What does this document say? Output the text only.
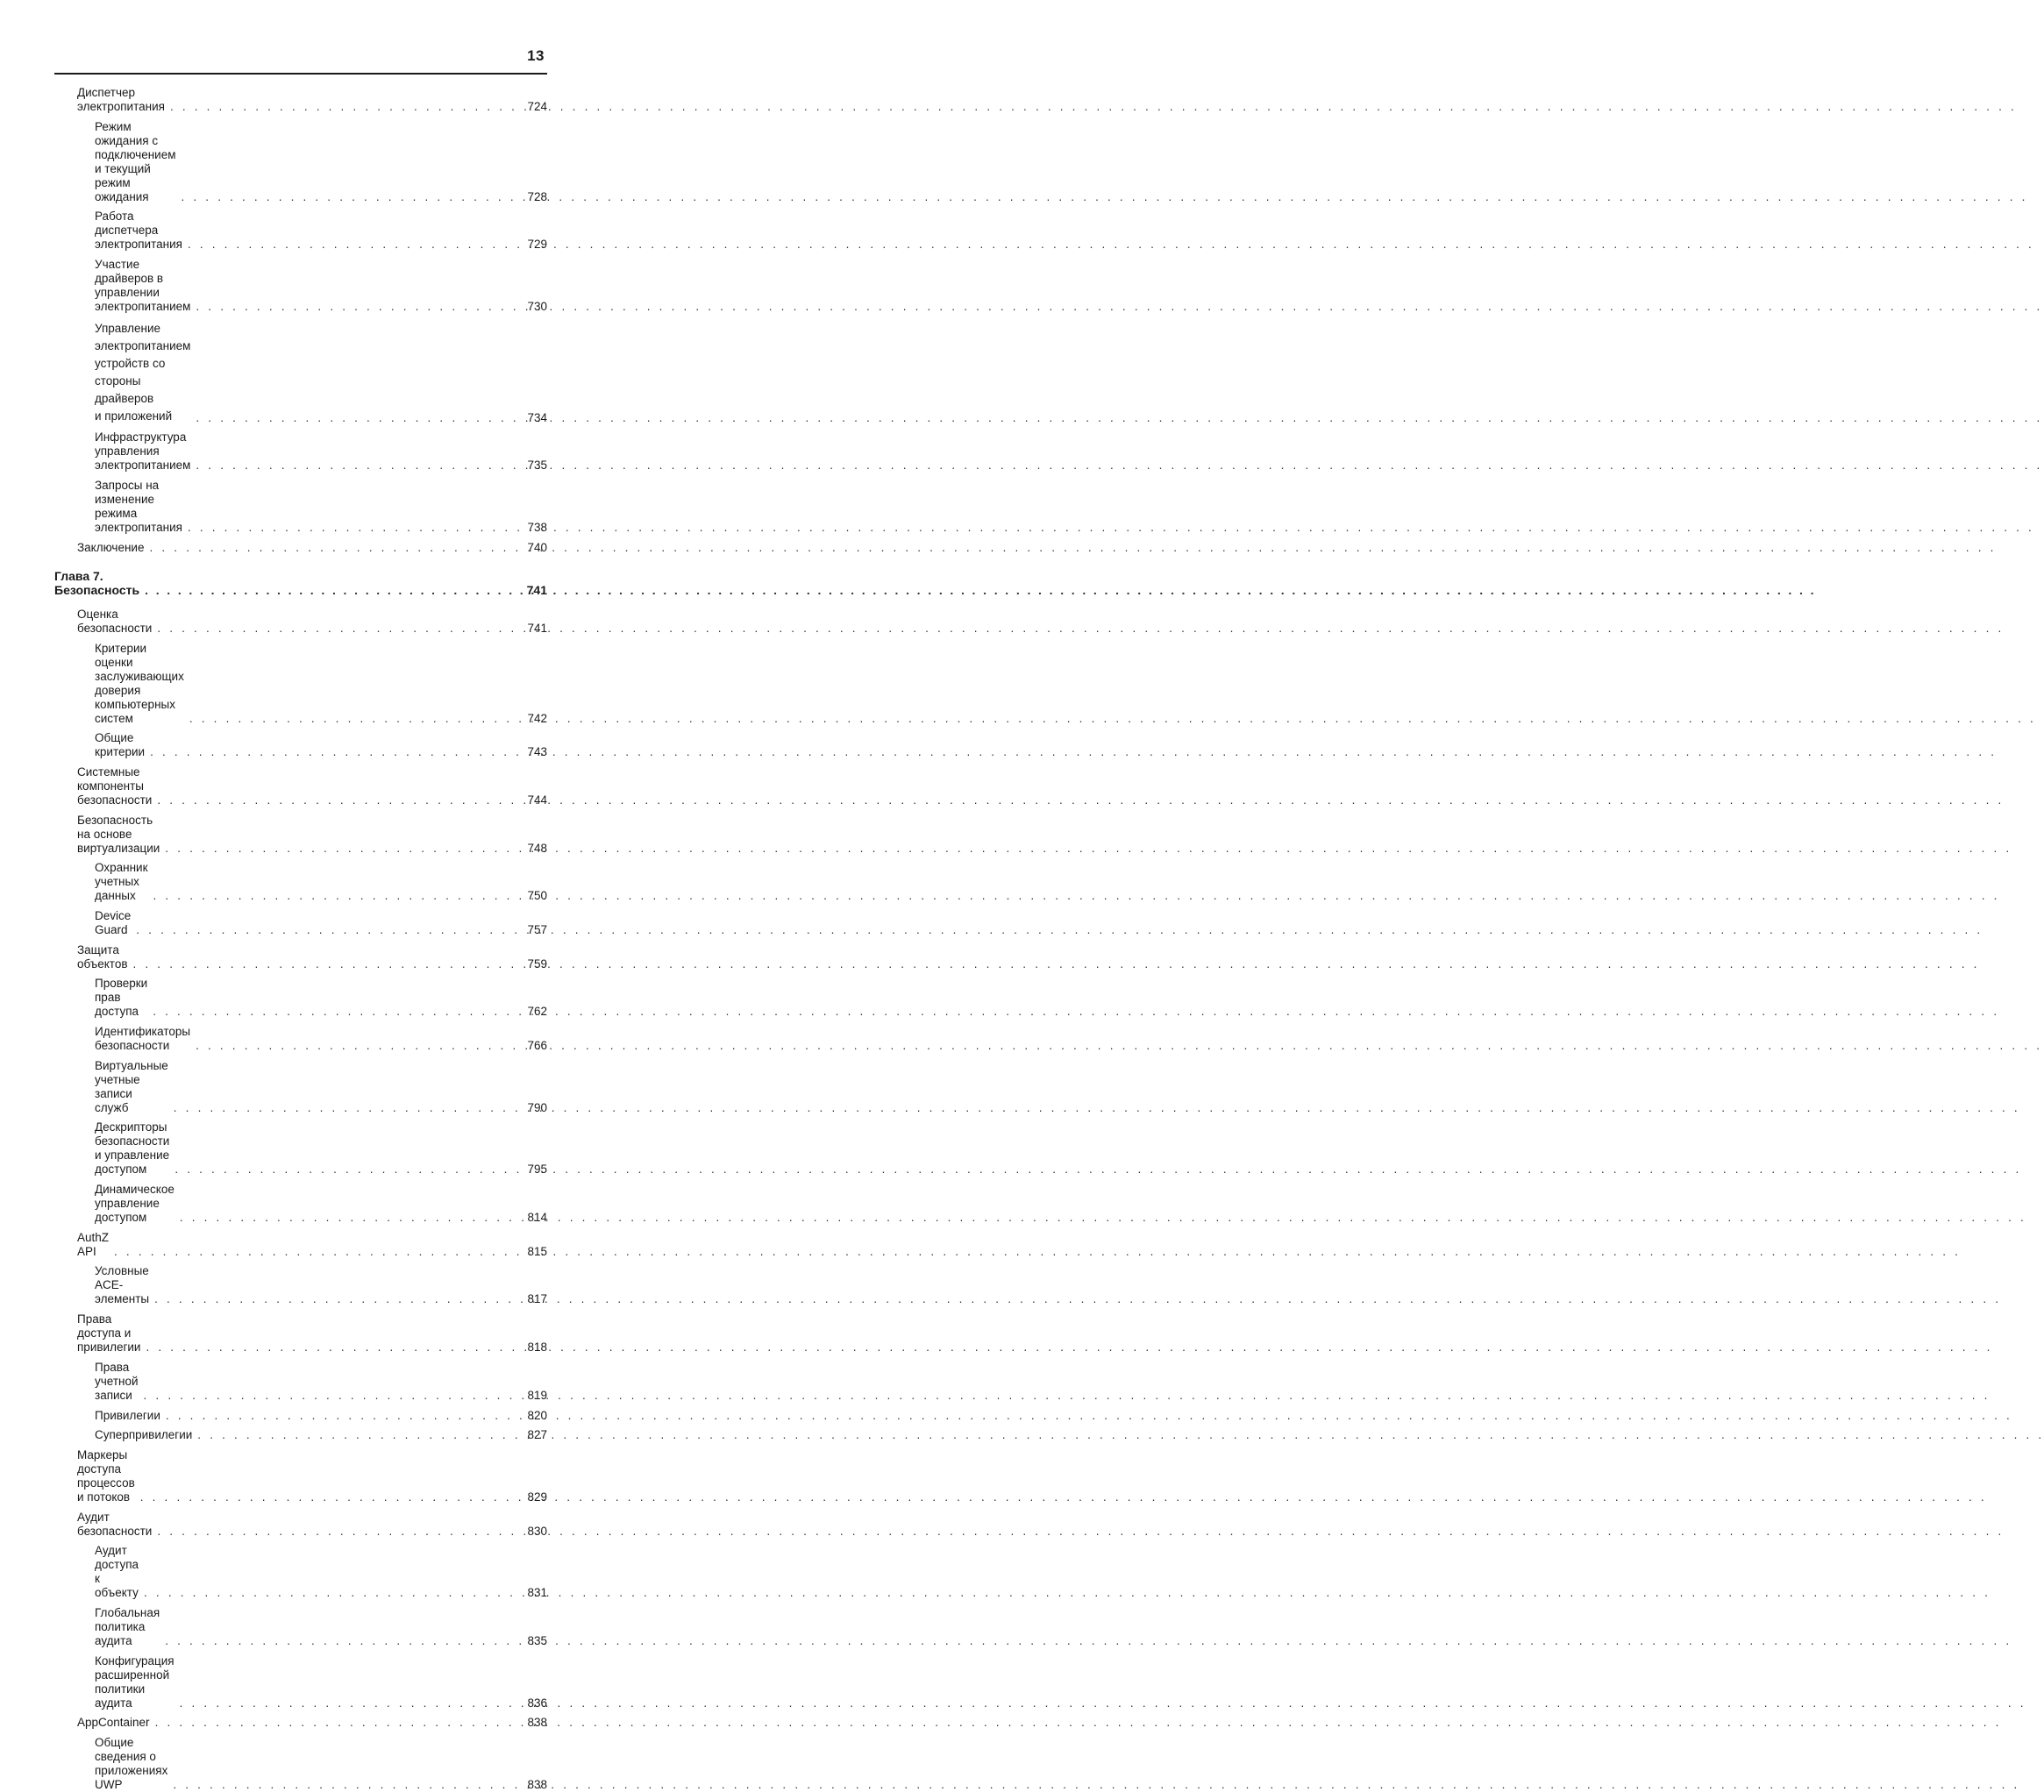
13
Диспетчер электропитания . . .	724
Режим ожидания с подключением и текущий режим ожидания . . .	728
Работа диспетчера электропитания . . .	729
Участие драйверов в управлении электропитанием . . .	730
Управление электропитанием устройств со стороны драйверов
и приложений . . .	734
Инфраструктура управления электропитанием . . .	735
Запросы на изменение режима электропитания . . .	738
Заключение . . .	740
Глава 7. Безопасность . . .	741
Оценка безопасности . . .	741
Критерии оценки заслуживающих доверия компьютерных систем . . .	742
Общие критерии . . .	743
Системные компоненты безопасности . . .	744
Безопасность на основе виртуализации . . .	748
Охранник учетных данных . . .	750
Device Guard . . .	757
Защита объектов . . .	759
Проверки прав доступа . . .	762
Идентификаторы безопасности . . .	766
Виртуальные учетные записи служб . . .	790
Дескрипторы безопасности и управление доступом . . .	795
Динамическое управление доступом . . .	814
AuthZ API . . .	815
Условные ACE-элементы . . .	817
Права доступа и привилегии . . .	818
Права учетной записи . . .	819
Привилегии . . .	820
Суперпривилегии . . .	827
Маркеры доступа процессов и потоков . . .	829
Аудит безопасности . . .	830
Аудит доступа к объекту . . .	831
Глобальная политика аудита . . .	835
Конфигурация расширенной политики аудита . . .	836
AppContainer . . .	838
Общие сведения о приложениях UWP . . .	838
